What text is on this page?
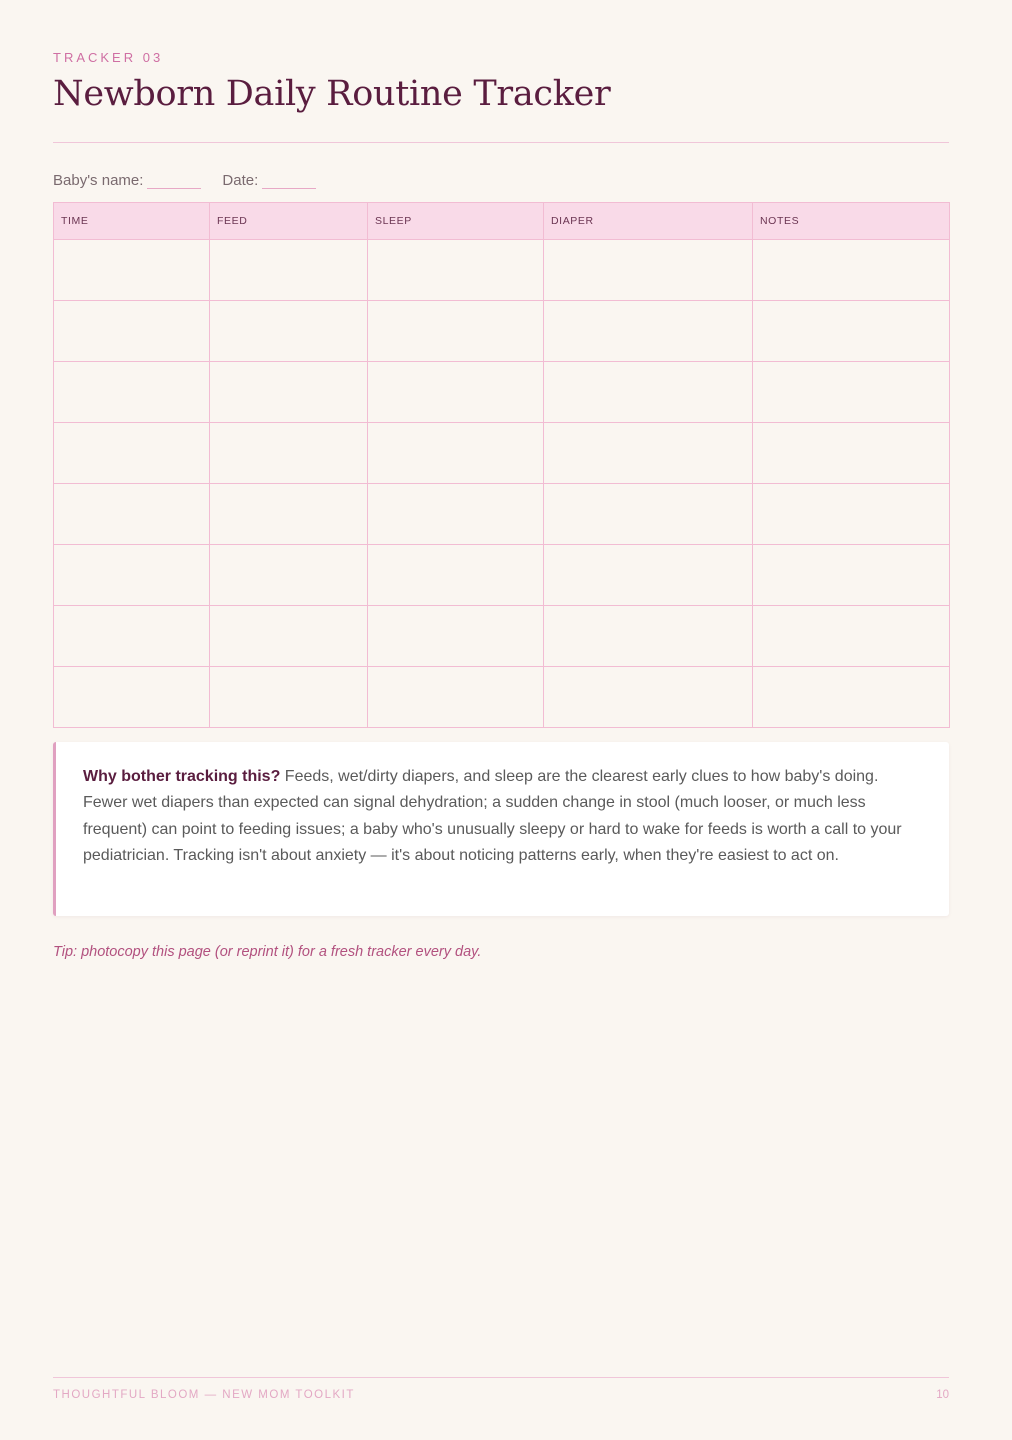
TRACKER 03
Newborn Daily Routine Tracker
Baby's name:	Date:
TIME	FEED	SLEEP	DIAPER	NOTES

Why bother tracking this? Feeds, wet/dirty diapers, and sleep are the clearest early clues to how baby's doing. Fewer wet diapers than expected can signal dehydration; a sudden change in stool (much looser, or much less frequent) can point to feeding issues; a baby who's unusually sleepy or hard to wake for feeds is worth a call to your pediatrician. Tracking isn't about anxiety — it's about noticing patterns early, when they're easiest to act on.

Tip: photocopy this page (or reprint it) for a fresh tracker every day.
THOUGHTFUL BLOOM — NEW MOM TOOLKIT	10
